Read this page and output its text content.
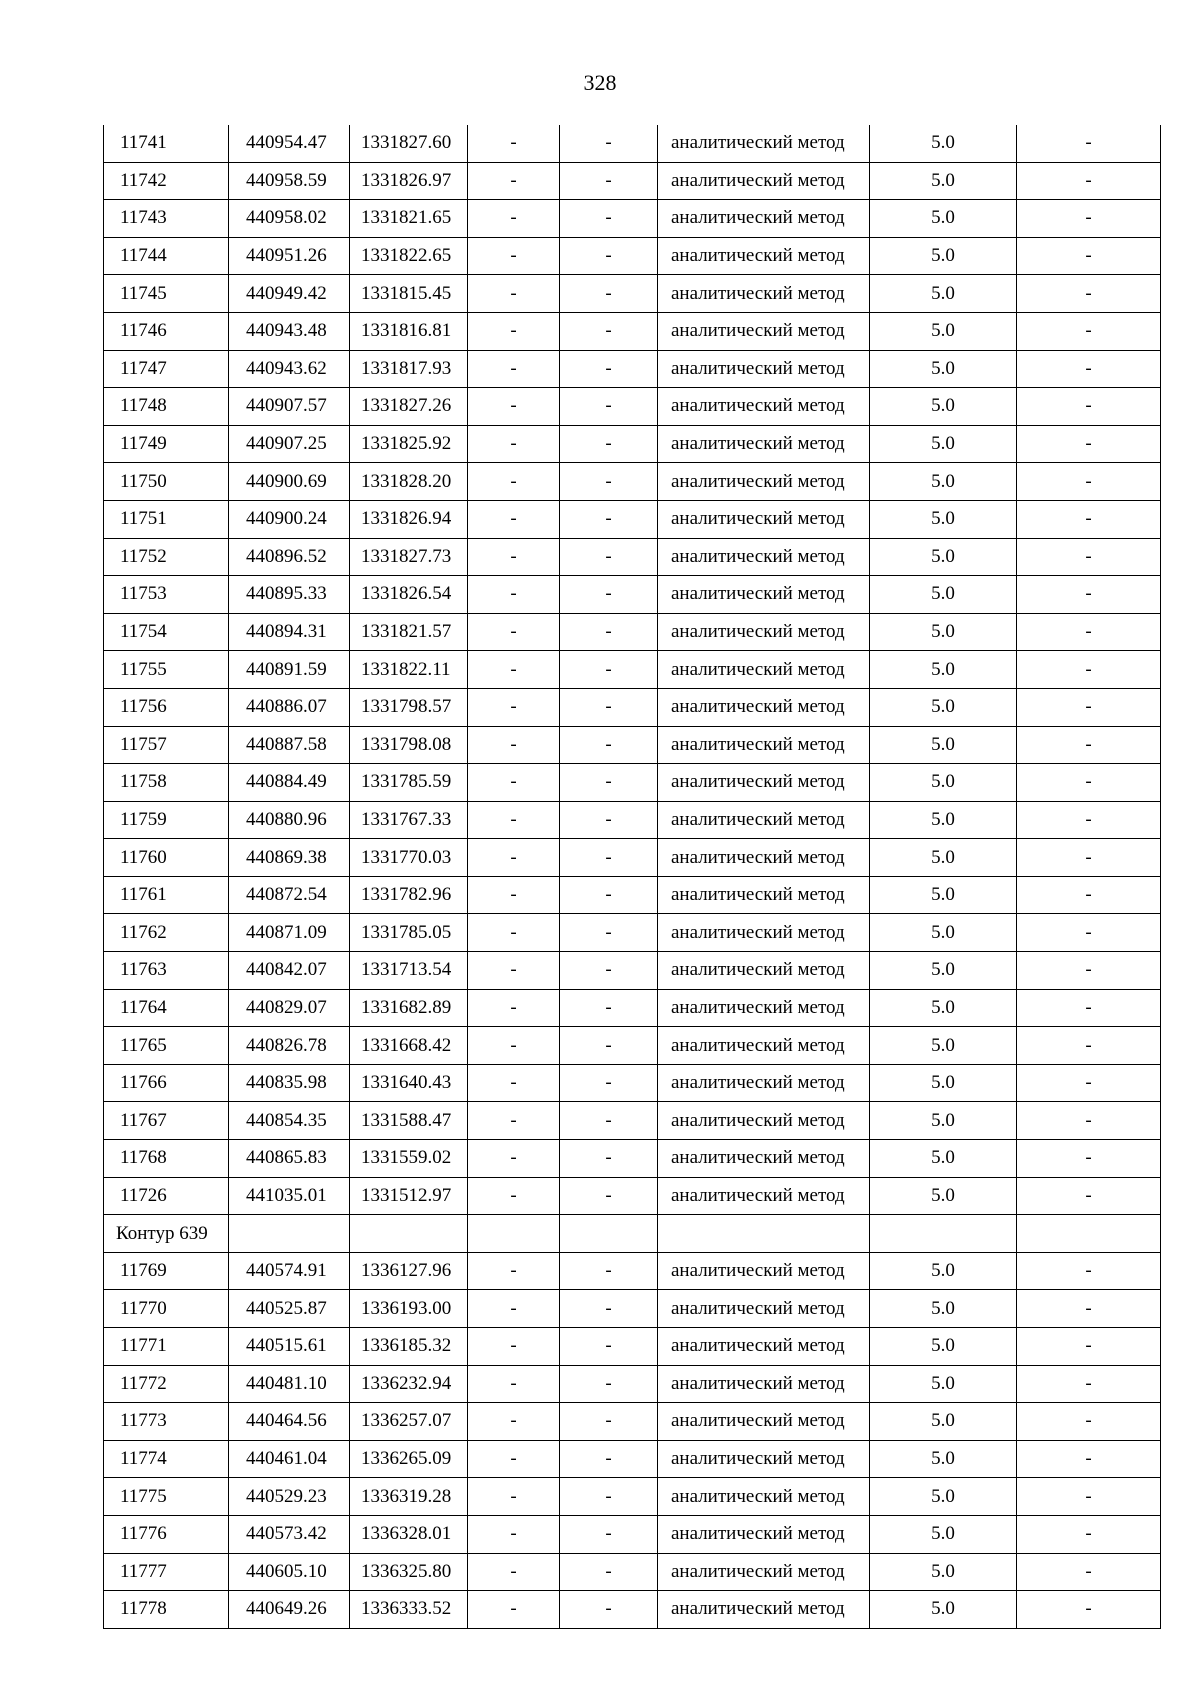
328
11741	440954.47	1331827.60	-	-	аналитический метод	5.0	-
11742	440958.59	1331826.97	-	-	аналитический метод	5.0	-
11743	440958.02	1331821.65	-	-	аналитический метод	5.0	-
11744	440951.26	1331822.65	-	-	аналитический метод	5.0	-
11745	440949.42	1331815.45	-	-	аналитический метод	5.0	-
11746	440943.48	1331816.81	-	-	аналитический метод	5.0	-
11747	440943.62	1331817.93	-	-	аналитический метод	5.0	-
11748	440907.57	1331827.26	-	-	аналитический метод	5.0	-
11749	440907.25	1331825.92	-	-	аналитический метод	5.0	-
11750	440900.69	1331828.20	-	-	аналитический метод	5.0	-
11751	440900.24	1331826.94	-	-	аналитический метод	5.0	-
11752	440896.52	1331827.73	-	-	аналитический метод	5.0	-
11753	440895.33	1331826.54	-	-	аналитический метод	5.0	-
11754	440894.31	1331821.57	-	-	аналитический метод	5.0	-
11755	440891.59	1331822.11	-	-	аналитический метод	5.0	-
11756	440886.07	1331798.57	-	-	аналитический метод	5.0	-
11757	440887.58	1331798.08	-	-	аналитический метод	5.0	-
11758	440884.49	1331785.59	-	-	аналитический метод	5.0	-
11759	440880.96	1331767.33	-	-	аналитический метод	5.0	-
11760	440869.38	1331770.03	-	-	аналитический метод	5.0	-
11761	440872.54	1331782.96	-	-	аналитический метод	5.0	-
11762	440871.09	1331785.05	-	-	аналитический метод	5.0	-
11763	440842.07	1331713.54	-	-	аналитический метод	5.0	-
11764	440829.07	1331682.89	-	-	аналитический метод	5.0	-
11765	440826.78	1331668.42	-	-	аналитический метод	5.0	-
11766	440835.98	1331640.43	-	-	аналитический метод	5.0	-
11767	440854.35	1331588.47	-	-	аналитический метод	5.0	-
11768	440865.83	1331559.02	-	-	аналитический метод	5.0	-
11726	441035.01	1331512.97	-	-	аналитический метод	5.0	-
Контур 639							
11769	440574.91	1336127.96	-	-	аналитический метод	5.0	-
11770	440525.87	1336193.00	-	-	аналитический метод	5.0	-
11771	440515.61	1336185.32	-	-	аналитический метод	5.0	-
11772	440481.10	1336232.94	-	-	аналитический метод	5.0	-
11773	440464.56	1336257.07	-	-	аналитический метод	5.0	-
11774	440461.04	1336265.09	-	-	аналитический метод	5.0	-
11775	440529.23	1336319.28	-	-	аналитический метод	5.0	-
11776	440573.42	1336328.01	-	-	аналитический метод	5.0	-
11777	440605.10	1336325.80	-	-	аналитический метод	5.0	-
11778	440649.26	1336333.52	-	-	аналитический метод	5.0	-
